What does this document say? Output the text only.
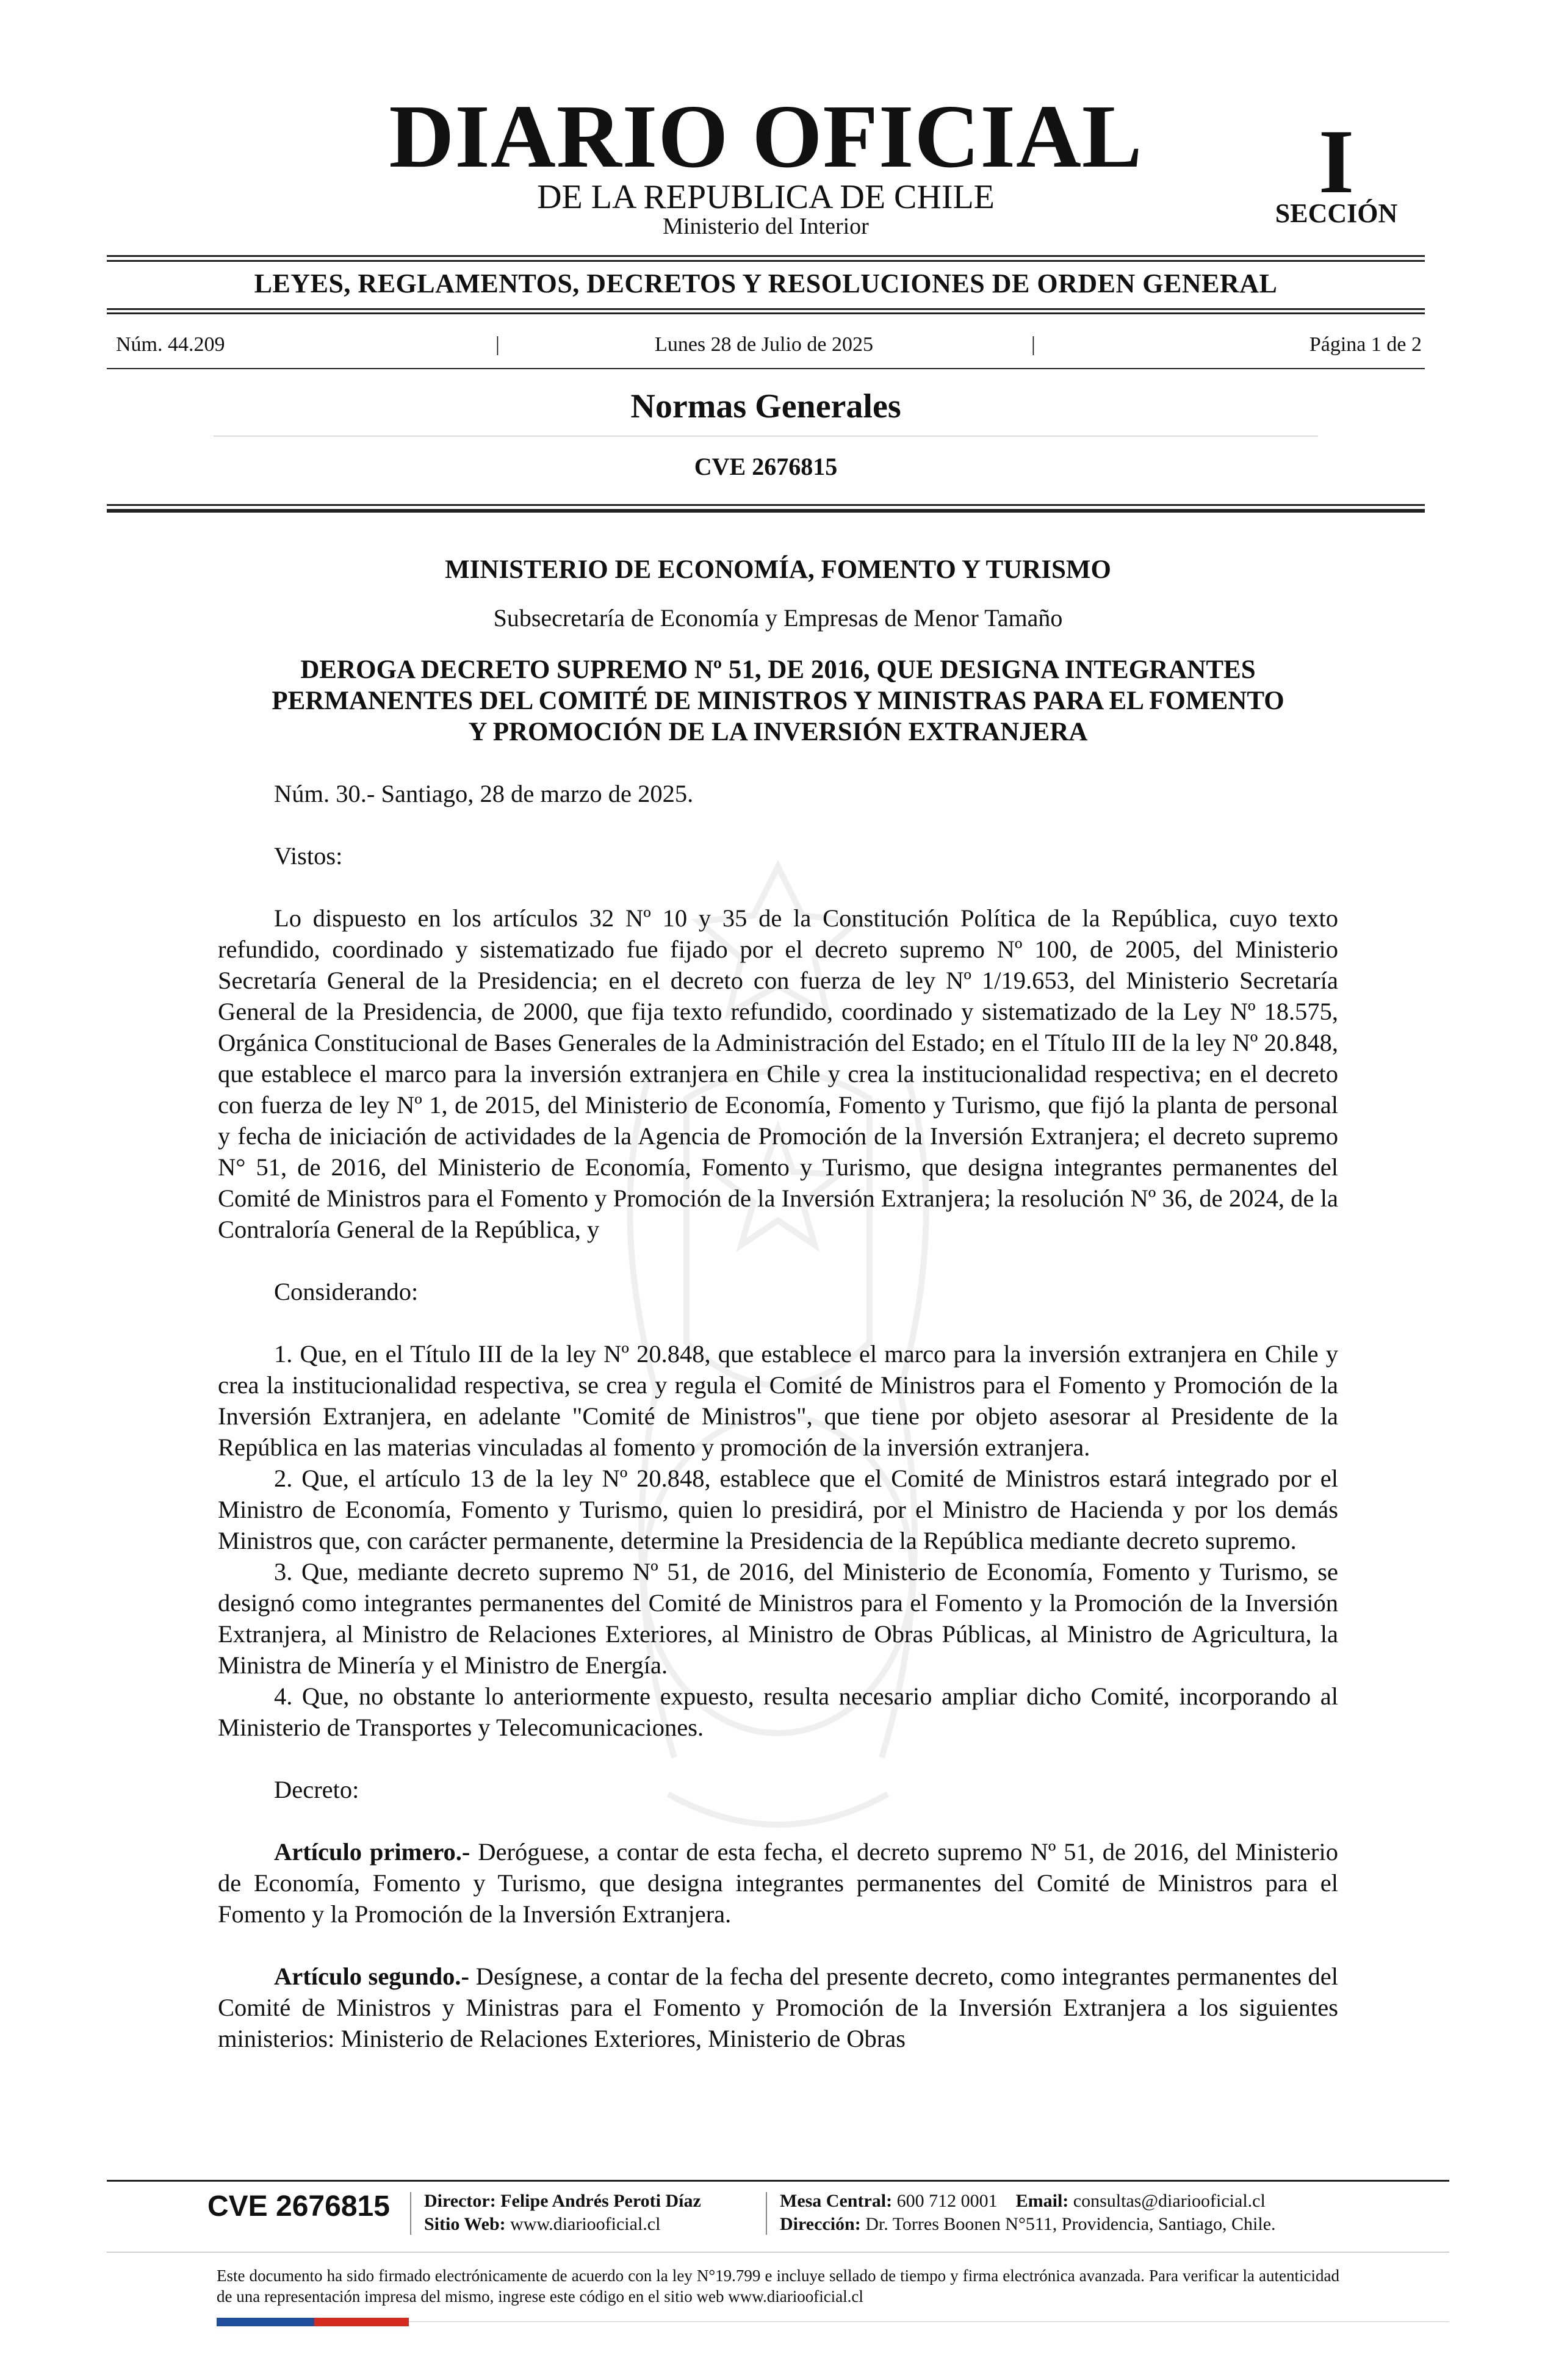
DIARIO OFICIAL
DE LA REPUBLICA DE CHILE
Ministerio del Interior
I
SECCIÓN
LEYES, REGLAMENTOS, DECRETOS Y RESOLUCIONES DE ORDEN GENERAL
Núm. 44.209	|	Lunes 28 de Julio de 2025	|	Página 1 de 2
Normas Generales
CVE 2676815
MINISTERIO DE ECONOMÍA, FOMENTO Y TURISMO
Subsecretaría de Economía y Empresas de Menor Tamaño
DEROGA DECRETO SUPREMO Nº 51, DE 2016, QUE DESIGNA INTEGRANTES
PERMANENTES DEL COMITÉ DE MINISTROS Y MINISTRAS PARA EL FOMENTO
Y PROMOCIÓN DE LA INVERSIÓN EXTRANJERA

Núm. 30.- Santiago, 28 de marzo de 2025.

Vistos:

Lo dispuesto en los artículos 32 Nº 10 y 35 de la Constitución Política de la República, cuyo texto refundido, coordinado y sistematizado fue fijado por el decreto supremo Nº 100, de 2005, del Ministerio Secretaría General de la Presidencia; en el decreto con fuerza de ley Nº 1/19.653, del Ministerio Secretaría General de la Presidencia, de 2000, que fija texto refundido, coordinado y sistematizado de la Ley Nº 18.575, Orgánica Constitucional de Bases Generales de la Administración del Estado; en el Título III de la ley Nº 20.848, que establece el marco para la inversión extranjera en Chile y crea la institucionalidad respectiva; en el decreto con fuerza de ley Nº 1, de 2015, del Ministerio de Economía, Fomento y Turismo, que fijó la planta de personal y fecha de iniciación de actividades de la Agencia de Promoción de la Inversión Extranjera; el decreto supremo N° 51, de 2016, del Ministerio de Economía, Fomento y Turismo, que designa integrantes permanentes del Comité de Ministros para el Fomento y Promoción de la Inversión Extranjera; la resolución Nº 36, de 2024, de la Contraloría General de la República, y

Considerando:

1. Que, en el Título III de la ley Nº 20.848, que establece el marco para la inversión extranjera en Chile y crea la institucionalidad respectiva, se crea y regula el Comité de Ministros para el Fomento y Promoción de la Inversión Extranjera, en adelante "Comité de Ministros", que tiene por objeto asesorar al Presidente de la República en las materias vinculadas al fomento y promoción de la inversión extranjera.

2. Que, el artículo 13 de la ley Nº 20.848, establece que el Comité de Ministros estará integrado por el Ministro de Economía, Fomento y Turismo, quien lo presidirá, por el Ministro de Hacienda y por los demás Ministros que, con carácter permanente, determine la Presidencia de la República mediante decreto supremo.

3. Que, mediante decreto supremo Nº 51, de 2016, del Ministerio de Economía, Fomento y Turismo, se designó como integrantes permanentes del Comité de Ministros para el Fomento y la Promoción de la Inversión Extranjera, al Ministro de Relaciones Exteriores, al Ministro de Obras Públicas, al Ministro de Agricultura, la Ministra de Minería y el Ministro de Energía.

4. Que, no obstante lo anteriormente expuesto, resulta necesario ampliar dicho Comité, incorporando al Ministerio de Transportes y Telecomunicaciones.

Decreto:

Artículo primero.- Deróguese, a contar de esta fecha, el decreto supremo Nº 51, de 2016, del Ministerio de Economía, Fomento y Turismo, que designa integrantes permanentes del Comité de Ministros para el Fomento y la Promoción de la Inversión Extranjera.

Artículo segundo.- Desígnese, a contar de la fecha del presente decreto, como integrantes permanentes del Comité de Ministros y Ministras para el Fomento y Promoción de la Inversión Extranjera a los siguientes ministerios: Ministerio de Relaciones Exteriores, Ministerio de Obras

CVE 2676815 Director: Felipe Andrés Peroti Díaz
Sitio Web: www.diariooficial.cl
Mesa Central: 600 712 0001 Email: consultas@diariooficial.cl
Dirección: Dr. Torres Boonen N°511, Providencia, Santiago, Chile.
Este documento ha sido firmado electrónicamente de acuerdo con la ley N°19.799 e incluye sellado de tiempo y firma electrónica avanzada. Para verificar la autenticidad de una representación impresa del mismo, ingrese este código en el sitio web www.diariooficial.cl
